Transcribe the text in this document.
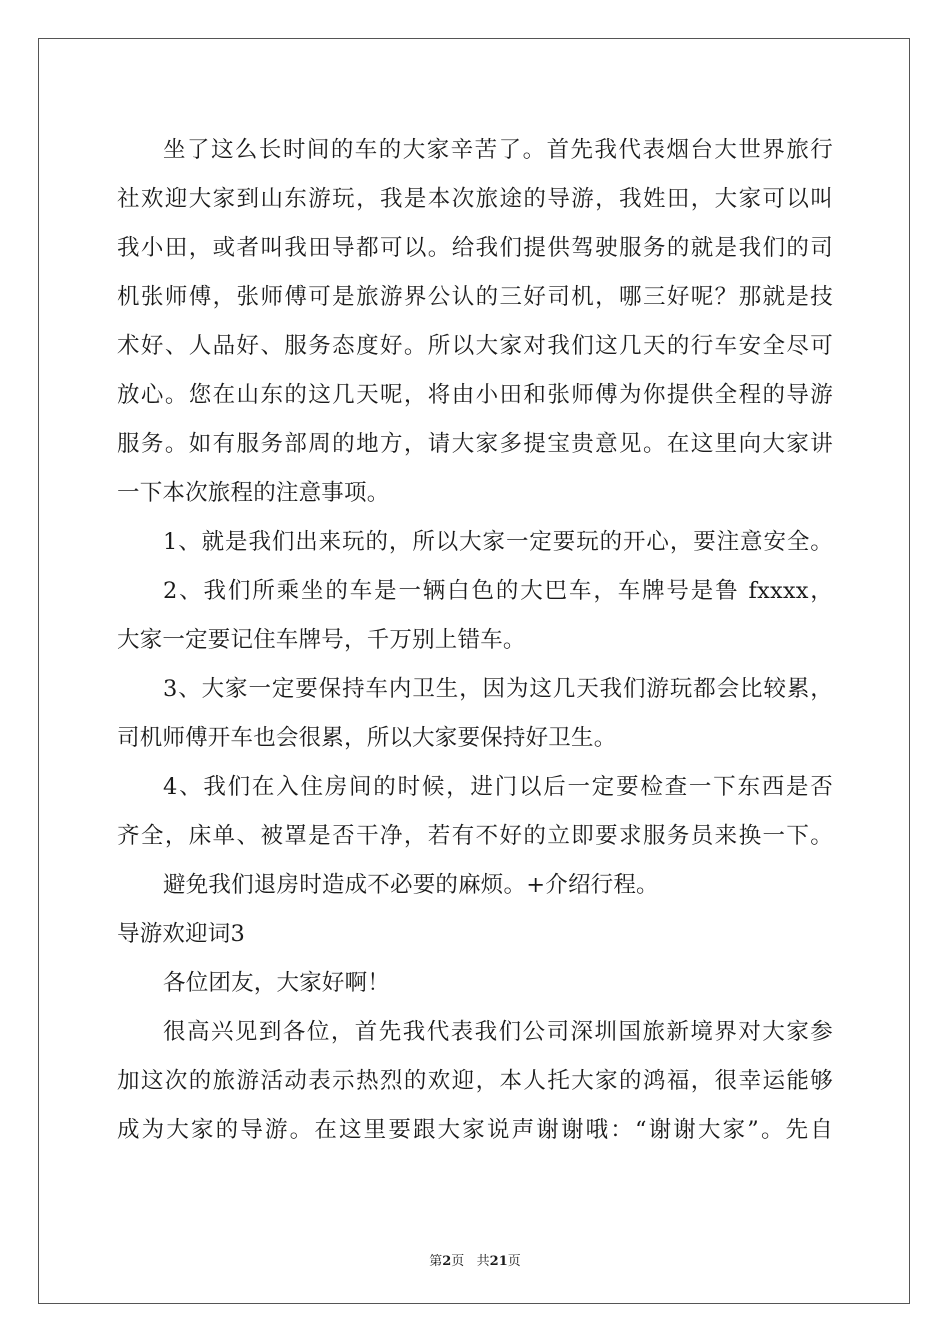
坐了这么长时间的车的大家辛苦了。首先我代表烟台大世界旅行
社欢迎大家到山东游玩，我是本次旅途的导游，我姓田，大家可以叫
我小田，或者叫我田导都可以。给我们提供驾驶服务的就是我们的司
机张师傅，张师傅可是旅游界公认的三好司机，哪三好呢？那就是技
术好、人品好、服务态度好。所以大家对我们这几天的行车安全尽可
放心。您在山东的这几天呢，将由小田和张师傅为你提供全程的导游
服务。如有服务部周的地方，请大家多提宝贵意见。在这里向大家讲
一下本次旅程的注意事项。
1、就是我们出来玩的，所以大家一定要玩的开心，要注意安全。
2、我们所乘坐的车是一辆白色的大巴车，车牌号是鲁 fxxxx，
大家一定要记住车牌号，千万别上错车。
3、大家一定要保持车内卫生，因为这几天我们游玩都会比较累，
司机师傅开车也会很累，所以大家要保持好卫生。
4、我们在入住房间的时候，进门以后一定要检查一下东西是否
齐全，床单、被罩是否干净，若有不好的立即要求服务员来换一下。
避免我们退房时造成不必要的麻烦。+介绍行程。
导游欢迎词3
各位团友，大家好啊！
很高兴见到各位，首先我代表我们公司深圳国旅新境界对大家参
加这次的旅游活动表示热烈的欢迎，本人托大家的鸿福，很幸运能够
成为大家的导游。在这里要跟大家说声谢谢哦：“谢谢大家”。先自
第2页   共21页
